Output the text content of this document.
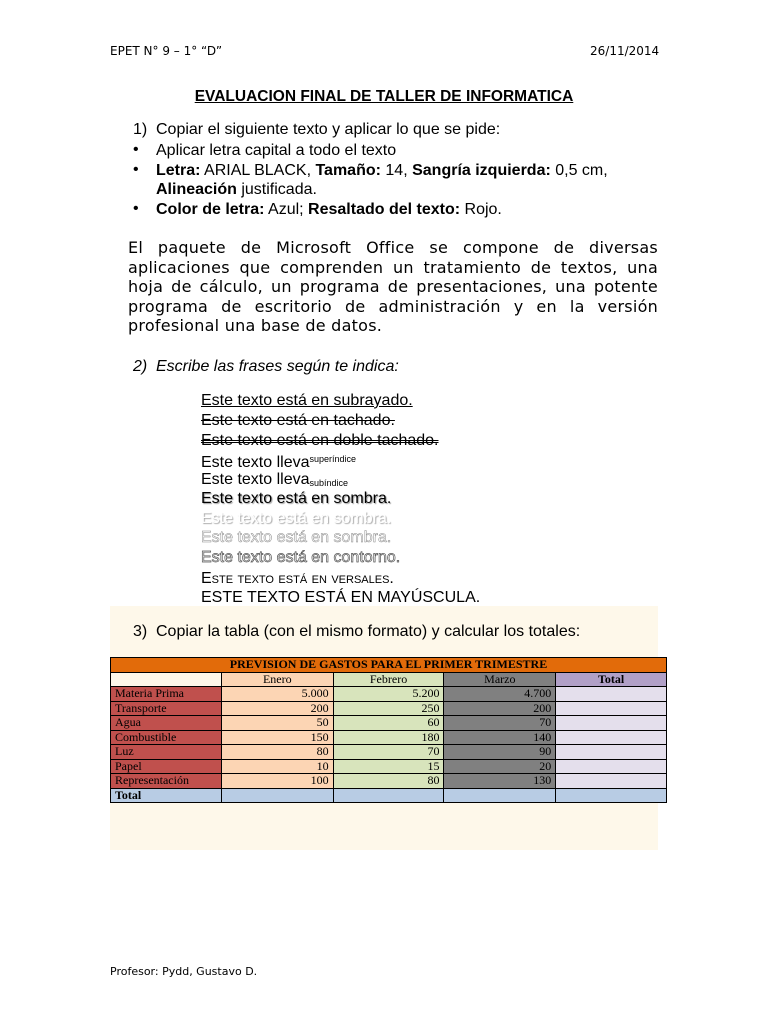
EPET N° 9 – 1° “D”	26/11/2014
EVALUACION FINAL DE TALLER DE INFORMATICA
1) Copiar el siguiente texto y aplicar lo que se pide:
• Aplicar letra capital a todo el texto
• Letra: ARIAL BLACK, Tamaño: 14, Sangría izquierda: 0,5 cm, Alineación justificada.
• Color de letra: Azul; Resaltado del texto: Rojo.
El paquete de Microsoft Office se compone de diversas aplicaciones que comprenden un tratamiento de textos, una hoja de cálculo, un programa de presentaciones, una potente programa de escritorio de administración y en la versión profesional una base de datos.
2) Escribe las frases según te indica:
Este texto está en subrayado.
Este texto está en tachado.
Este texto está en doble tachado.
Este texto lleva$^{superíndice}$
Este texto lleva$_{subíndice}$
Este texto está en sombra.
Este texto está en sombra.
Este texto está en sombra.
Este texto está en contorno.
Este texto está en versales.
ESTE TEXTO ESTÁ EN MAYÚSCULA.
3) Copiar la tabla (con el mismo formato) y calcular los totales:
PREVISION DE GASTOS PARA EL PRIMER TRIMESTRE				
	Enero	Febrero	Marzo	Total
Materia Prima	5.000	5.200	4.700	
Transporte	200	250	200	
Agua	50	60	70	
Combustible	150	180	140	
Luz	80	70	90	
Papel	10	15	20	
Representación	100	80	130	
Total				
Profesor: Pydd, Gustavo D.
